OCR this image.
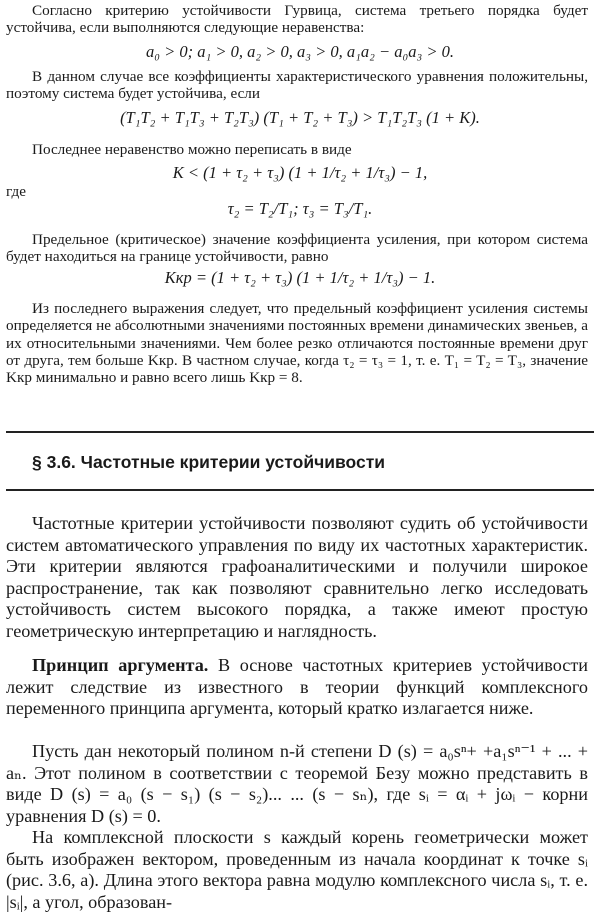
Согласно критерию устойчивости Гурвица, система третьего порядка будет устойчива, если выполняются следующие неравенства:

a₀ > 0; a₁ > 0, a₂ > 0, a₃ > 0, a₁a₂ − a₀a₃ > 0.

В данном случае все коэффициенты характеристического уравнения положительны, поэтому система будет устойчива, если

(T₁T₂ + T₁T₃ + T₂T₃) (T₁ + T₂ + T₃) > T₁T₂T₃ (1 + K).

Последнее неравенство можно переписать в виде

K < (1 + τ₂ + τ₃) (1 + 1/τ₂ + 1/τ₃) − 1,
где
τ₂ = T₂/T₁; τ₃ = T₃/T₁.

Предельное (критическое) значение коэффициента усиления, при котором система будет находиться на границе устойчивости, равно

Kкр = (1 + τ₂ + τ₃) (1 + 1/τ₂ + 1/τ₃) − 1.

Из последнего выражения следует, что предельный коэффициент усиления системы определяется не абсолютными значениями постоянных времени динамических звеньев, а их относительными значениями. Чем более резко отличаются постоянные времени друг от друга, тем больше Kкр. В частном случае, когда τ₂ = τ₃ = 1, т. е. T₁ = T₂ = T₃, значение Kкр минимально и равно всего лишь Kкр = 8.

§ 3.6. Частотные критерии устойчивости

Частотные критерии устойчивости позволяют судить об устойчивости систем автоматического управления по виду их частотных характеристик. Эти критерии являются графоаналитическими и получили широкое распространение, так как позволяют сравнительно легко исследовать устойчивость систем высокого порядка, а также имеют простую геометрическую интерпретацию и наглядность.

Принцип аргумента. В основе частотных критериев устойчивости лежит следствие из известного в теории функций комплексного переменного принципа аргумента, который кратко излагается ниже.

Пусть дан некоторый полином n-й степени D (s) = a₀sⁿ+ +a₁sⁿ⁻¹ + ... + aₙ. Этот полином в соответствии с теоремой Безу можно представить в виде D (s) = a₀ (s − s₁) (s − s₂)... ... (s − sₙ), где sᵢ = αᵢ + jωᵢ − корни уравнения D (s) = 0.

На комплексной плоскости s каждый корень геометрически может быть изображен вектором, проведенным из начала координат к точке sᵢ (рис. 3.6, а). Длина этого вектора равна модулю комплексного числа sᵢ, т. е. |sᵢ|, а угол, образован-
